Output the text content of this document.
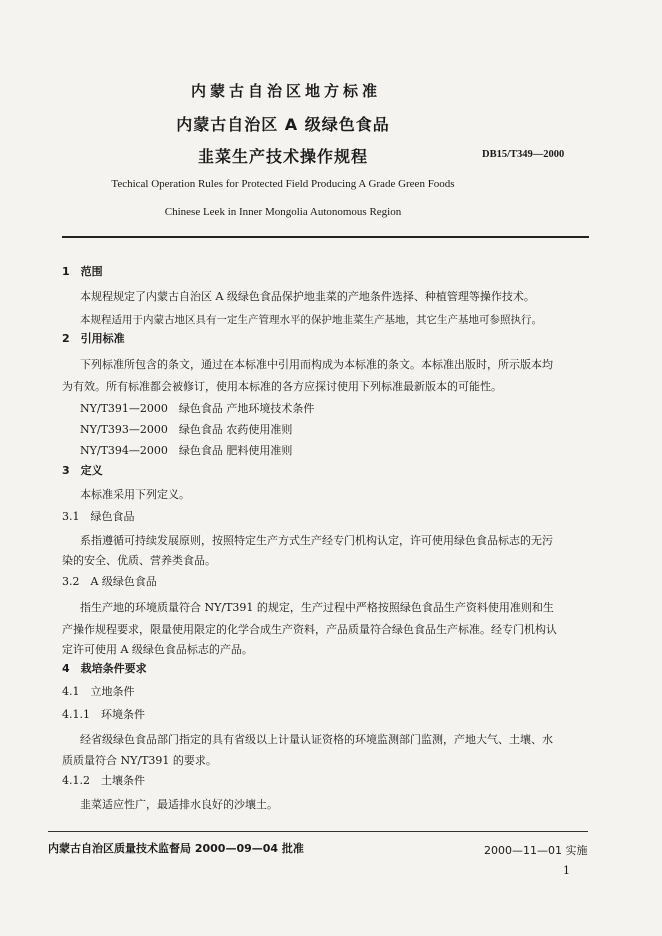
内蒙古自治区地方标准
内蒙古自治区 A 级绿色食品
韭菜生产技术操作规程	DB15/T349—2000
Techical Operation Rules for Protected Field Producing A Grade Green Foods
Chinese Leek in Inner Mongolia Autonomous Region
1　范围
本规程规定了内蒙古自治区 A 级绿色食品保护地韭菜的产地条件选择、种植管理等操作技术。
本规程适用于内蒙古地区具有一定生产管理水平的保护地韭菜生产基地，其它生产基地可参照执行。
2　引用标准
下列标准所包含的条文，通过在本标准中引用而构成为本标准的条文。本标准出版时，所示版本均
为有效。所有标准都会被修订，使用本标准的各方应探讨使用下列标准最新版本的可能性。
NY/T391—2000　绿色食品 产地环境技术条件
NY/T393—2000　绿色食品 农药使用准则
NY/T394—2000　绿色食品 肥料使用准则
3　定义
本标准采用下列定义。
3.1　绿色食品
系指遵循可持续发展原则，按照特定生产方式生产经专门机构认定，许可使用绿色食品标志的无污
染的安全、优质、营养类食品。
3.2　A 级绿色食品
指生产地的环境质量符合 NY/T391 的规定，生产过程中严格按照绿色食品生产资料使用准则和生
产操作规程要求，限量使用限定的化学合成生产资料，产品质量符合绿色食品生产标准。经专门机构认
定许可使用 A 级绿色食品标志的产品。
4　栽培条件要求
4.1　立地条件
4.1.1　环境条件
经省级绿色食品部门指定的具有省级以上计量认证资格的环境监测部门监测，产地大气、土壤、水
质质量符合 NY/T391 的要求。
4.1.2　土壤条件
韭菜适应性广，最适排水良好的沙壤土。
内蒙古自治区质量技术监督局 2000—09—04 批准	2000—11—01 实施
1
